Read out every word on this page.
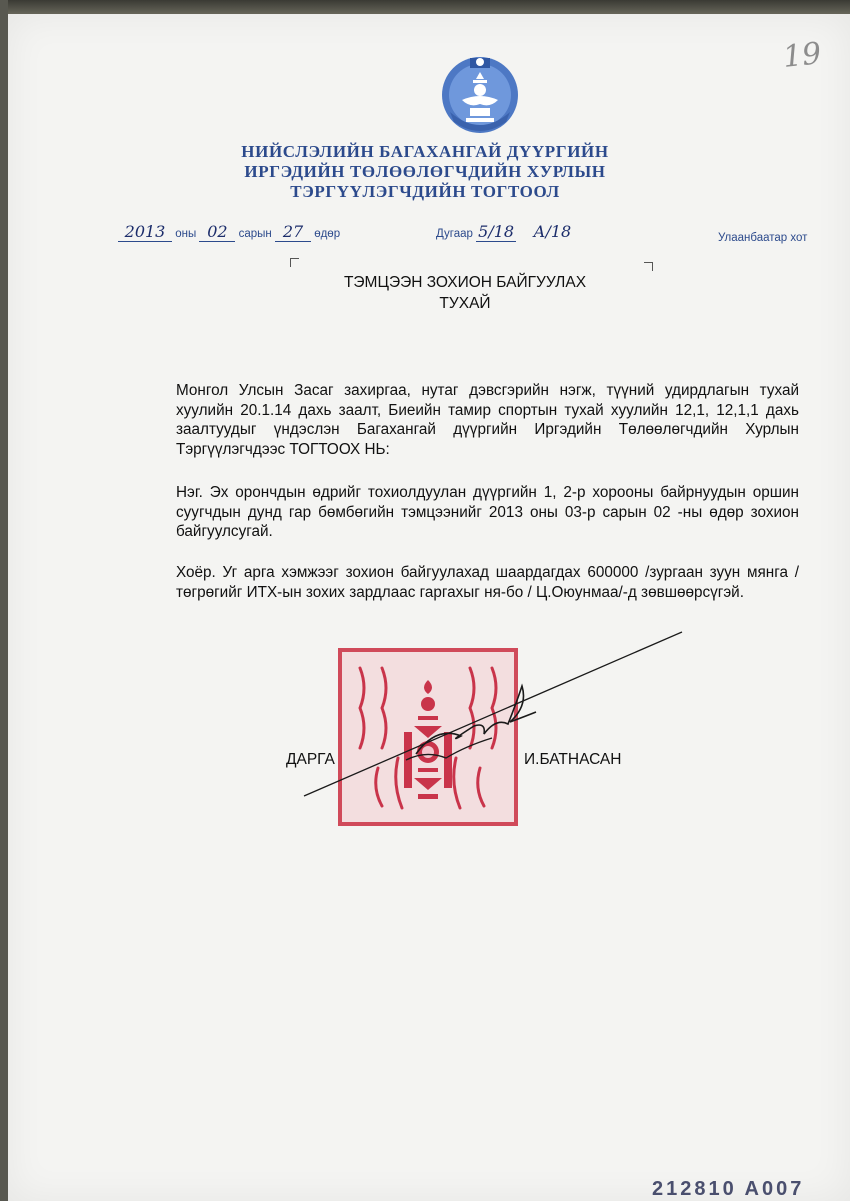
19
НИЙСЛЭЛИЙН БАГАХАНГАЙ ДҮҮРГИЙН
ИРГЭДИЙН ТӨЛӨӨЛӨГЧДИЙН ХУРЛЫН
ТЭРГҮҮЛЭГЧДИЙН ТОГТООЛ
2013 оны 02 сарын 27 өдөр	Дугаар 5/18 А/18	Улаанбаатар хот
ТЭМЦЭЭН ЗОХИОН БАЙГУУЛАХ
ТУХАЙ
Монгол Улсын Засаг захиргаа, нутаг дэвсгэрийн нэгж, түүний удирдлагын тухай хуулийн 20.1.14 дахь заалт, Биеийн тамир спортын тухай хуулийн 12,1, 12,1,1 дахь заалтуудыг үндэслэн Багахангай дүүргийн Иргэдийн Төлөөлөгчдийн Хурлын Тэргүүлэгчдээс ТОГТООХ НЬ:
Нэг. Эх орончдын өдрийг тохиолдуулан дүүргийн 1, 2-р хорооны байрнуудын оршин суугчдын дунд гар бөмбөгийн тэмцээнийг 2013 оны 03-р сарын 02 -ны өдөр зохион байгуулсугай.
Хоёр. Уг арга хэмжээг зохион байгуулахад шаардагдах 600000 /зургаан зуун мянга / төгрөгийг ИТХ-ын зохих зардлаас гаргахыг ня-бо / Ц.Оюунмаа/-д зөвшөөрсүгэй.
ДАРГА	И.БАТНАСАН
212810 A007
